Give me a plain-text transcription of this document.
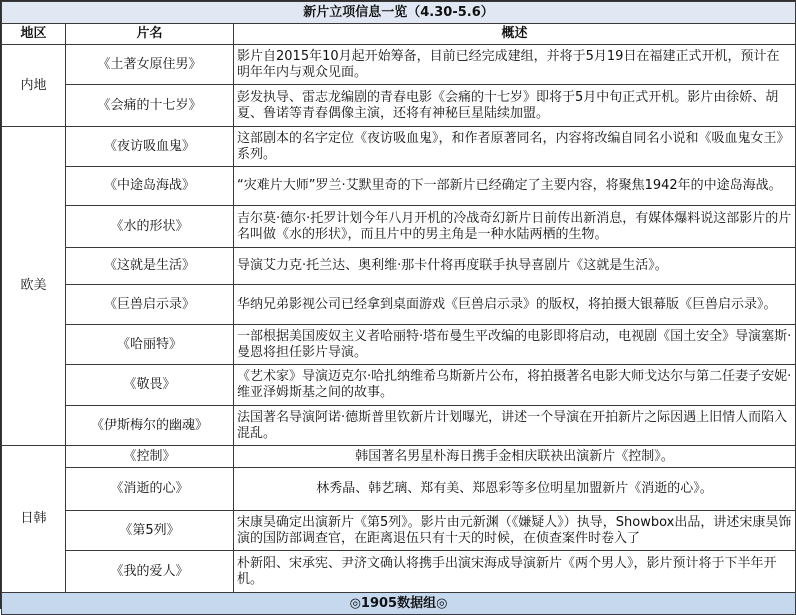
新片立项信息一览（4.30-5.6）		
地区	片名	概述
内地	《土著女原住男》	影片自2015年10月起开始筹备，目前已经完成建组，并将于5月19日在福建正式开机，预计在明年年内与观众见面。
	《会痛的十七岁》	彭发执导、雷志龙编剧的青春电影《会痛的十七岁》即将于5月中旬正式开机。影片由徐娇、胡夏、鲁诺等青春偶像主演，还将有神秘巨星陆续加盟。
欧美	《夜访吸血鬼》	这部剧本的名字定位《夜访吸血鬼》，和作者原著同名，内容将改编自同名小说和《吸血鬼女王》系列。
	《中途岛海战》	“灾难片大师”罗兰·艾默里奇的下一部新片已经确定了主要内容，将聚焦1942年的中途岛海战。
	《水的形状》	吉尔莫·德尔·托罗计划今年八月开机的冷战奇幻新片日前传出新消息，有媒体爆料说这部影片的片名叫做《水的形状》，而且片中的男主角是一种水陆两栖的生物。
	《这就是生活》	导演艾力克·托兰达、奥利维·那卡什将再度联手执导喜剧片《这就是生活》。
	《巨兽启示录》	华纳兄弟影视公司已经拿到桌面游戏《巨兽启示录》的版权，将拍摄大银幕版《巨兽启示录》。
	《哈丽特》	一部根据美国废奴主义者哈丽特·塔布曼生平改编的电影即将启动，电视剧《国土安全》导演塞斯·曼恩将担任影片导演。
	《敬畏》	《艺术家》导演迈克尔·哈扎纳维希乌斯新片公布，将拍摄著名电影大师戈达尔与第二任妻子安妮·维亚泽姆斯基之间的故事。
	《伊斯梅尔的幽魂》	法国著名导演阿诺·德斯普里钦新片计划曝光，讲述一个导演在开拍新片之际因遇上旧情人而陷入混乱。
日韩	《控制》	韩国著名男星朴海日携手金相庆联袂出演新片《控制》。
	《消逝的心》	林秀晶、韩艺璃、郑有美、郑恩彩等多位明星加盟新片《消逝的心》。
	《第5列》	宋康昊确定出演新片《第5列》。影片由元新渊（《嫌疑人》）执导，Showbox出品，讲述宋康昊饰演的国防部调查官，在距离退伍只有十天的时候，在侦查案件时卷入了
	《我的爱人》	朴新阳、宋承宪、尹济文确认将携手出演宋海成导演新片《两个男人》，影片预计将于下半年开机。
◎1905数据组◎		
